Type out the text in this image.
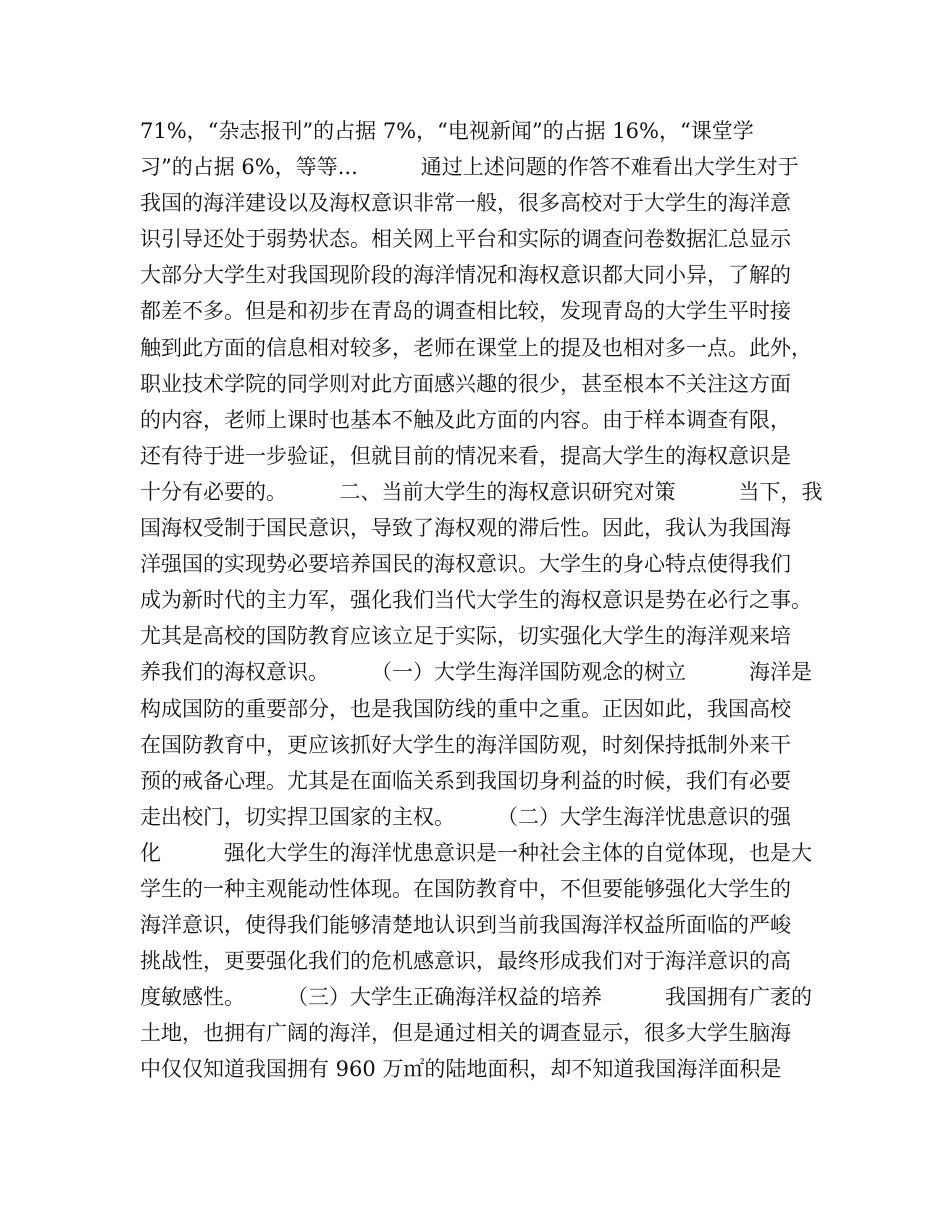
71%，“杂志报刊”的占据 7%，“电视新闻”的占据 16%，“课堂学
习”的占据 6%，等等...　　　通过上述问题的作答不难看出大学生对于
我国的海洋建设以及海权意识非常一般，很多高校对于大学生的海洋意
识引导还处于弱势状态。相关网上平台和实际的调查问卷数据汇总显示
大部分大学生对我国现阶段的海洋情况和海权意识都大同小异，了解的
都差不多。但是和初步在青岛的调查相比较，发现青岛的大学生平时接
触到此方面的信息相对较多，老师在课堂上的提及也相对多一点。此外，
职业技术学院的同学则对此方面感兴趣的很少，甚至根本不关注这方面
的内容，老师上课时也基本不触及此方面的内容。由于样本调查有限，
还有待于进一步验证，但就目前的情况来看，提高大学生的海权意识是
十分有必要的。　　　二、当前大学生的海权意识研究对策　　　当下，我
国海权受制于国民意识，导致了海权观的滞后性。因此，我认为我国海
洋强国的实现势必要培养国民的海权意识。大学生的身心特点使得我们
成为新时代的主力军，强化我们当代大学生的海权意识是势在必行之事。
尤其是高校的国防教育应该立足于实际，切实强化大学生的海洋观来培
养我们的海权意识。　　　（一）大学生海洋国防观念的树立　　　海洋是
构成国防的重要部分，也是我国防线的重中之重。正因如此，我国高校
在国防教育中，更应该抓好大学生的海洋国防观，时刻保持抵制外来干
预的戒备心理。尤其是在面临关系到我国切身利益的时候，我们有必要
走出校门，切实捍卫国家的主权。　　　（二）大学生海洋忧患意识的强
化　　　强化大学生的海洋忧患意识是一种社会主体的自觉体现，也是大
学生的一种主观能动性体现。在国防教育中，不但要能够强化大学生的
海洋意识，使得我们能够清楚地认识到当前我国海洋权益所面临的严峻
挑战性，更要强化我们的危机感意识，最终形成我们对于海洋意识的高
度敏感性。　　　（三）大学生正确海洋权益的培养　　　我国拥有广袤的
土地，也拥有广阔的海洋，但是通过相关的调查显示，很多大学生脑海
中仅仅知道我国拥有 960 万㎡的陆地面积，却不知道我国海洋面积是
